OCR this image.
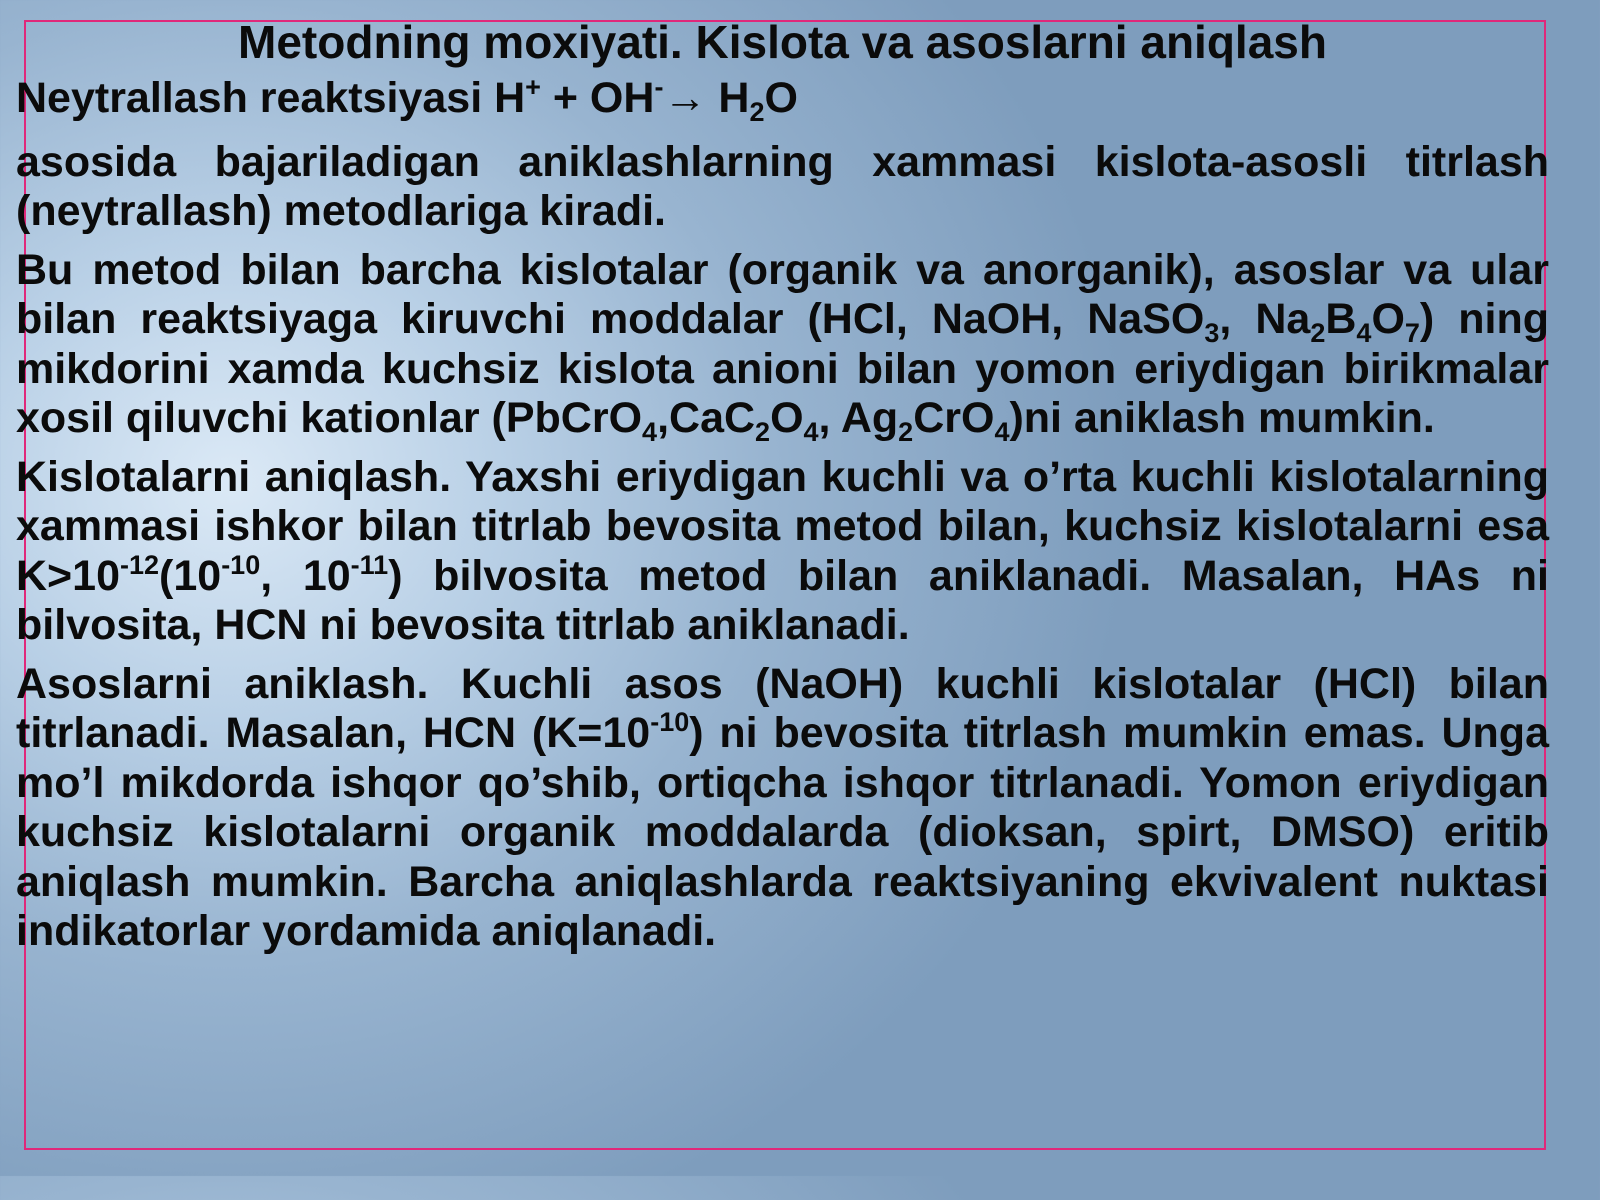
Metodning moxiyati. Kislota va asoslarni aniqlash
Neytrallash reaktsiyasi $H^+ + OH^-\to H_2O$
asosida bajariladigan aniklashlarning xammasi kislota-asosli titrlash (neytrallash) metodlariga kiradi.
Bu metod bilan barcha kislotalar (organik va anorganik), asoslar va ular bilan reaktsiyaga kiruvchi moddalar (HCl, NaOH, NaSO$_3$, $Na_2B_4O_7$) ning mikdorini xamda kuchsiz kislota anioni bilan yomon eriydigan birikmalar xosil qiluvchi kationlar ($PbCrO_4,CaC_2O_4$, $Ag_2CrO_4)ni$ aniklash mumkin.
Kislotalarni aniqlash. Yaxshi eriydigan kuchli va o’rta kuchli kislotalarning xammasi ishkor bilan titrlab bevosita metod bilan, kuchsiz kislotalarni esa $K>10^{-12}(10^{-10}$, $10^{-11}$) bilvosita metod bilan aniklanadi. Masalan, HAs ni bilvosita, HCN ni bevosita titrlab aniklanadi.
Asoslarni aniklash. Kuchli asos (NaOH) kuchli kislotalar (HCl) bilan titrlanadi. Masalan, HCN $(K=10^{-10})$ ni bevosita titrlash mumkin emas. Unga mo’l mikdorda ishqor qo’shib, ortiqcha ishqor titrlanadi. Yomon eriydigan kuchsiz kislotalarni organik moddalarda (dioksan, spirt, DMSO) eritib aniqlash mumkin. Barcha aniqlashlarda reaktsiyaning ekvivalent nuktasi indikatorlar yordamida aniqlanadi.
